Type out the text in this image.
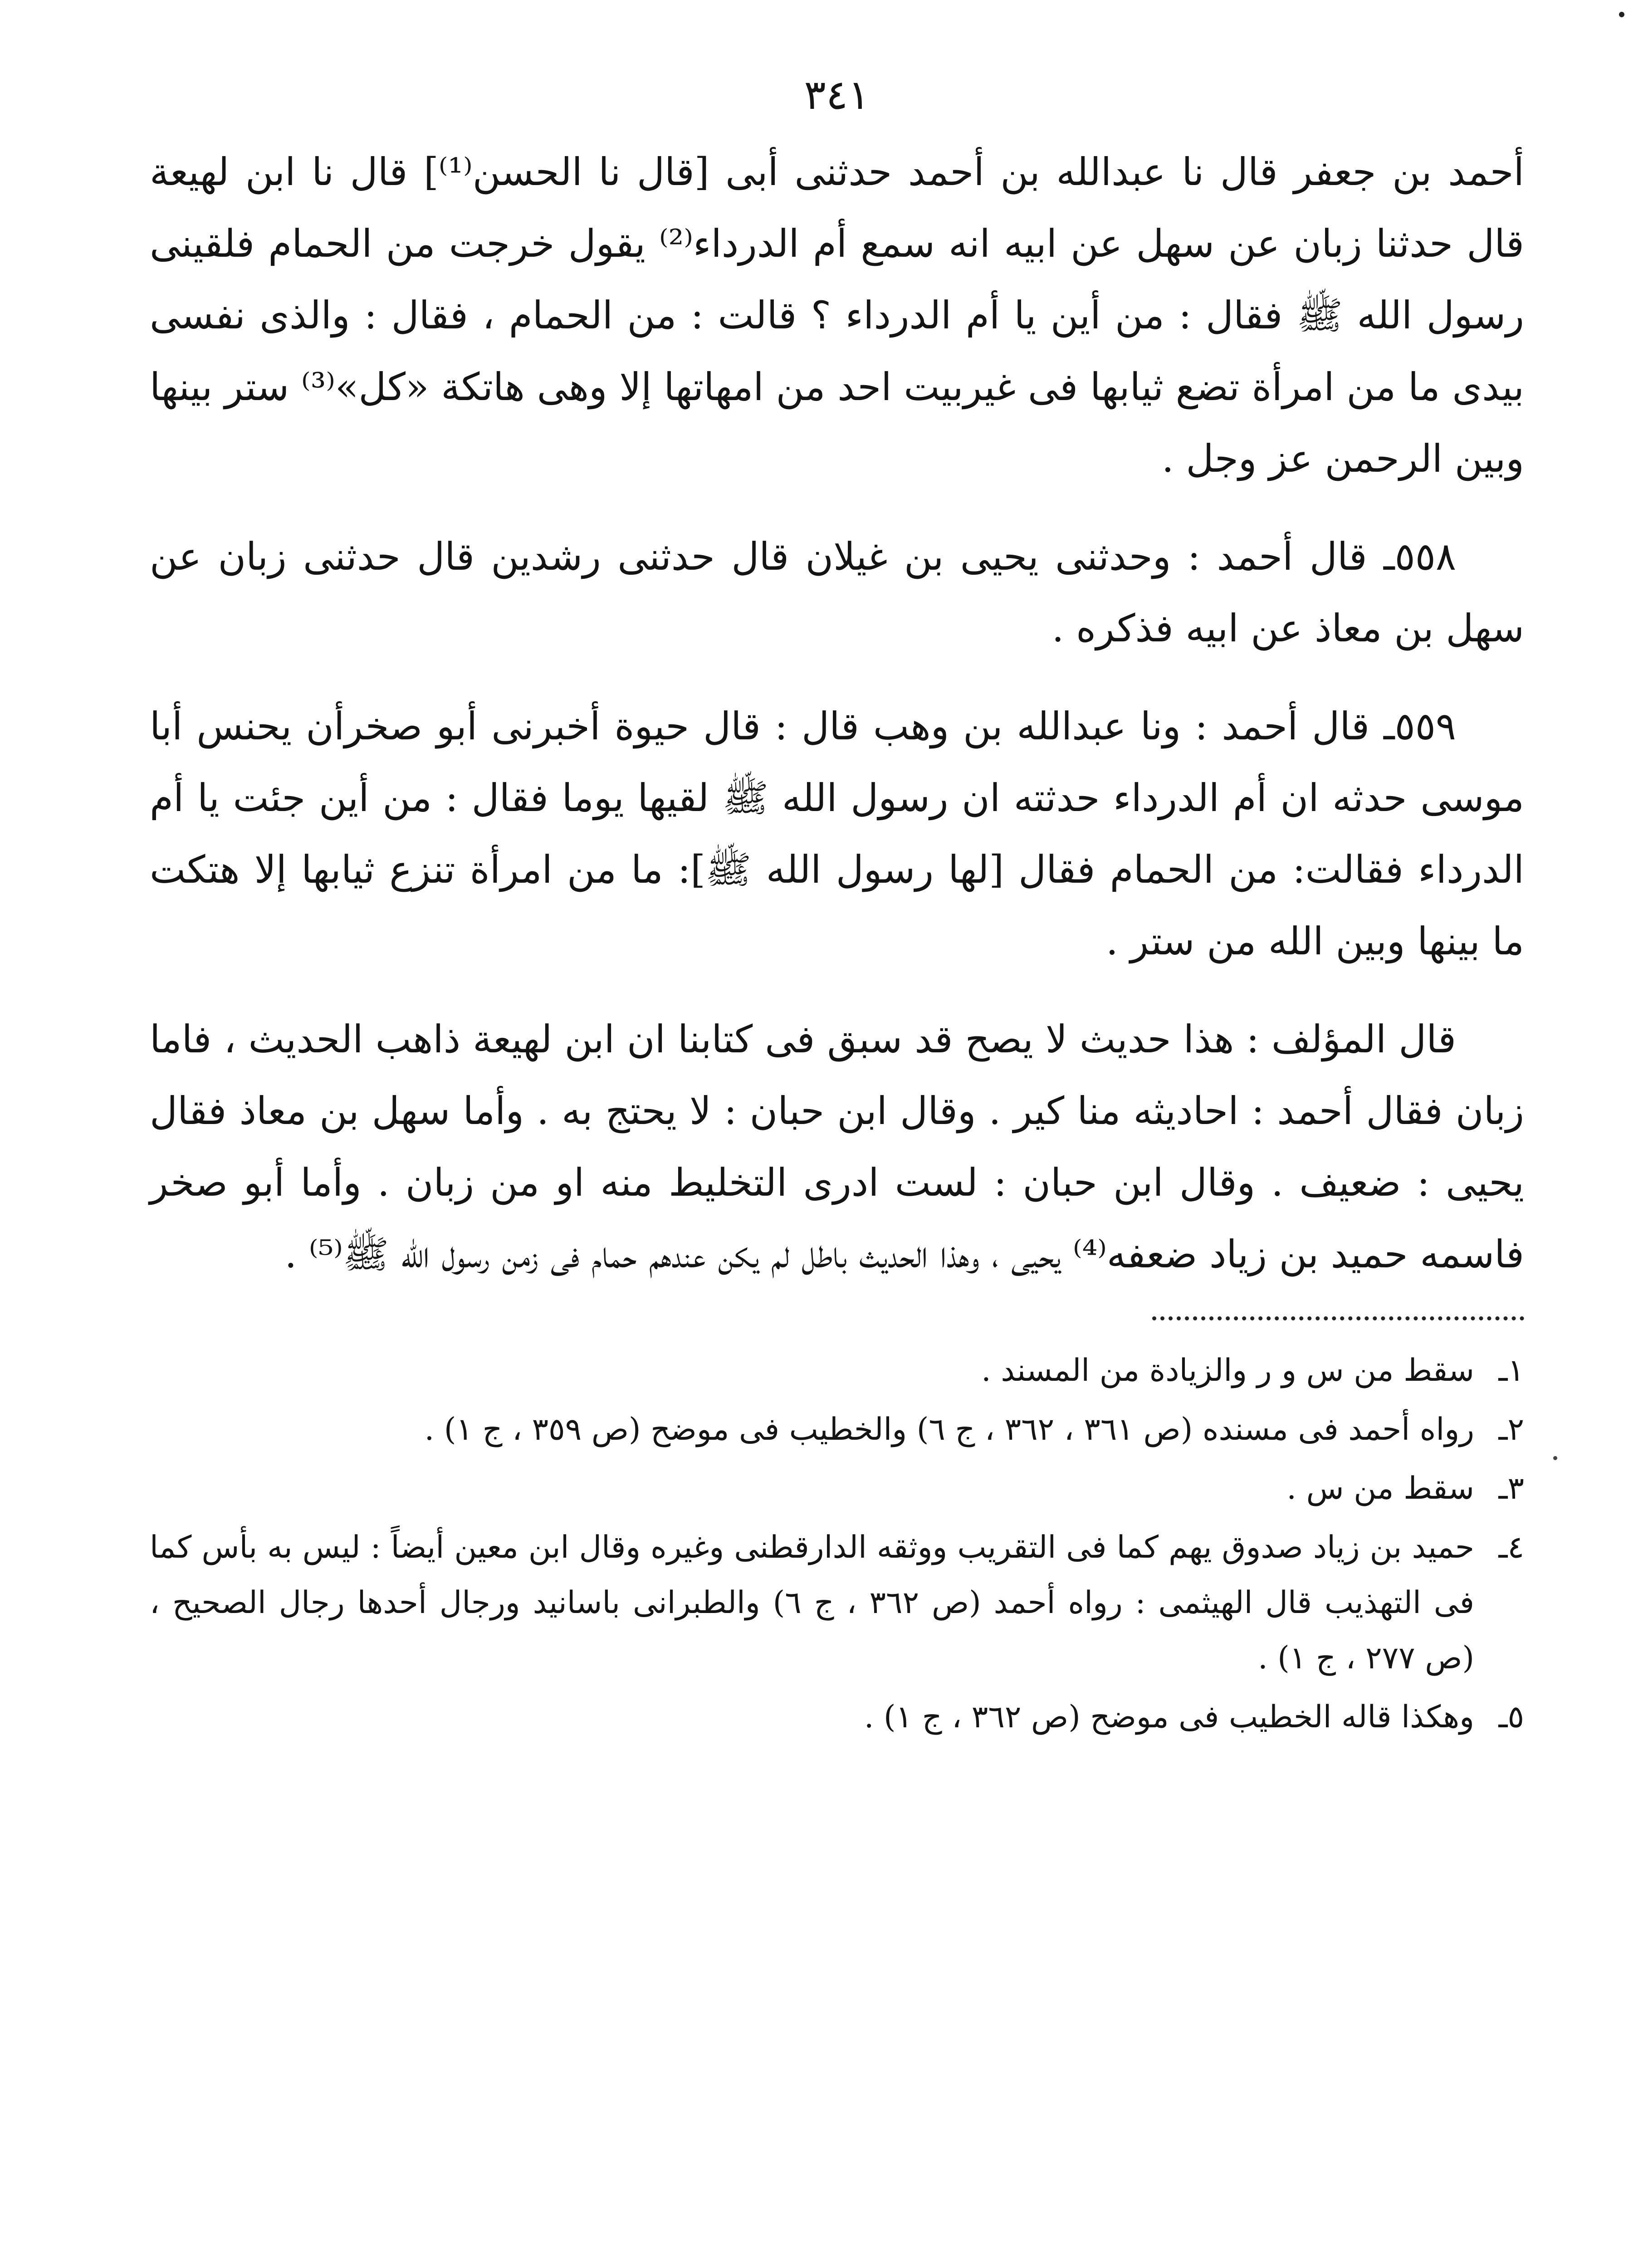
٣٤١
أحمد بن جعفر قال نا عبدالله بن أحمد حدثنى أبى [قال نا الحسن⁽¹⁾] قال نا ابن لهيعة قال حدثنا زبان عن سهل عن ابيه انه سمع أم الدرداء⁽²⁾ يقول خرجت من الحمام فلقينى رسول الله ﷺ فقال : من أين يا أم الدرداء ؟ قالت : من الحمام ، فقال : والذى نفسى بيدى ما من امرأة تضع ثيابها فى غيربيت احد من امهاتها إلا وهى هاتكة «كل»⁽³⁾ ستر بينها وبين الرحمن عز وجل .
٥٥٨ـ قال أحمد : وحدثنى يحيى بن غيلان قال حدثنى رشدين قال حدثنى زبان عن سهل بن معاذ عن ابيه فذكره .
٥٥٩ـ قال أحمد : ونا عبدالله بن وهب قال : قال حيوة أخبرنى أبو صخرأن يحنس أبا موسى حدثه ان أم الدرداء حدثته ان رسول الله ﷺ لقيها يوما فقال : من أين جئت يا أم الدرداء فقالت: من الحمام فقال [لها رسول الله ﷺ]: ما من امرأة تنزع ثيابها إلا هتكت ما بينها وبين الله من ستر .
قال المؤلف : هذا حديث لا يصح قد سبق فى كتابنا ان ابن لهيعة ذاهب الحديث ، فاما زبان فقال أحمد : احاديثه منا كير . وقال ابن حبان : لا يحتج به . وأما سهل بن معاذ فقال يحيى : ضعيف . وقال ابن حبان : لست ادرى التخليط منه او من زبان . وأما أبو صخر فاسمه حميد بن زياد ضعفه⁽⁴⁾ يحيى ، وهذا الحديث باطل لم يكن عندهم حمام فى زمن رسول الله ﷺ⁽⁵⁾ .
١ـ
سقط من س و ر والزيادة من المسند .
٢ـ
رواه أحمد فى مسنده (ص ٣٦١ ، ٣٦٢ ، ج ٦) والخطيب فى موضح (ص ٣٥٩ ، ج ١) .
٣ـ
سقط من س .
٤ـ
حميد بن زياد صدوق يهم كما فى التقريب ووثقه الدارقطنى وغيره وقال ابن معين أيضاً : ليس به بأس كما فى التهذيب قال الهيثمى : رواه أحمد (ص ٣٦٢ ، ج ٦) والطبرانى باسانيد ورجال أحدها رجال الصحيح ، (ص ٢٧٧ ، ج ١) .
٥ـ
وهكذا قاله الخطيب فى موضح (ص ٣٦٢ ، ج ١) .
